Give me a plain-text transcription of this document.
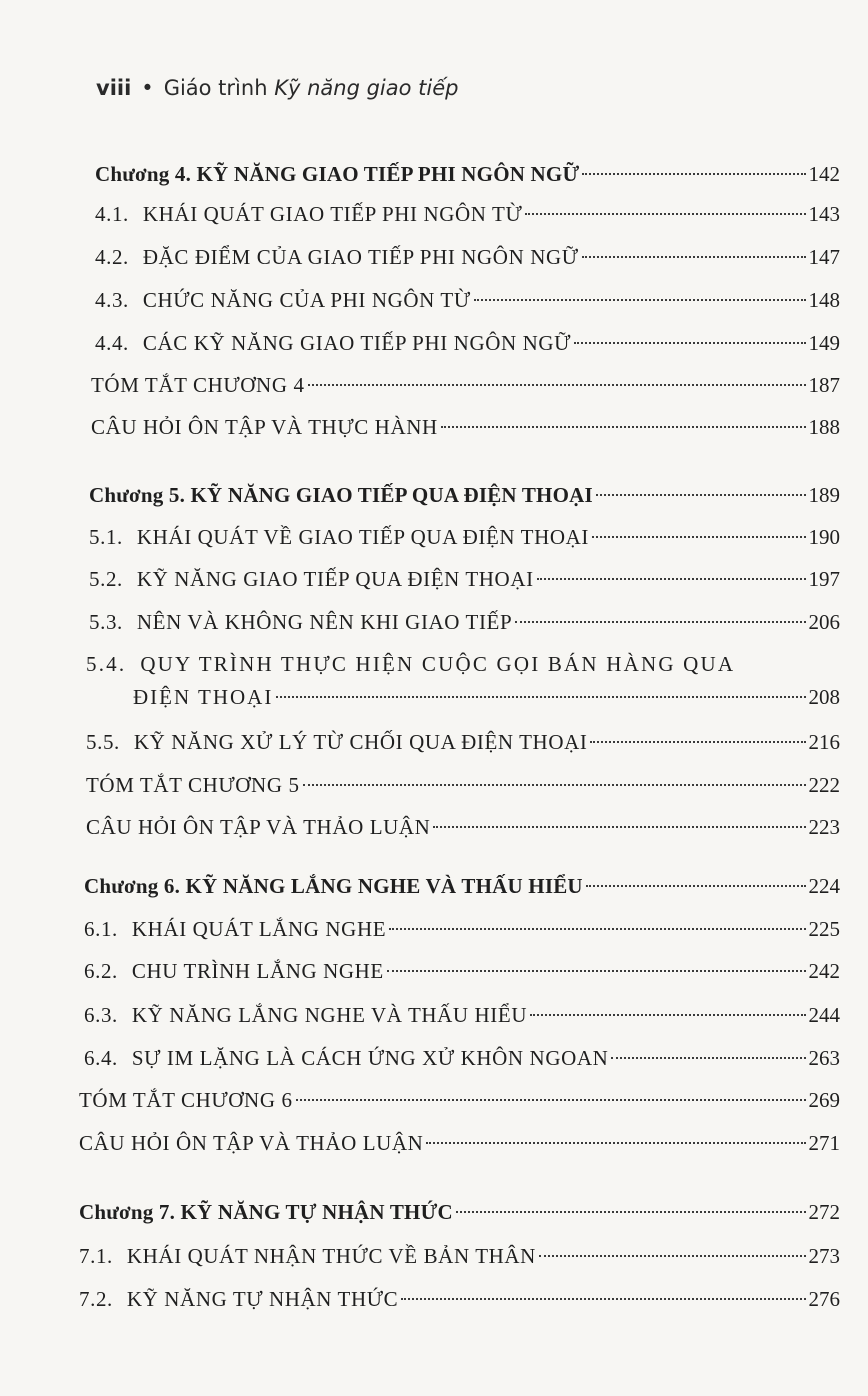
viii • Giáo trình Kỹ năng giao tiếp
Chương 4. KỸ NĂNG GIAO TIẾP PHI NGÔN NGỮ	142
4.1. KHÁI QUÁT GIAO TIẾP PHI NGÔN TỪ	143
4.2. ĐẶC ĐIỂM CỦA GIAO TIẾP PHI NGÔN NGỮ	147
4.3. CHỨC NĂNG CỦA PHI NGÔN TỪ	148
4.4. CÁC KỸ NĂNG GIAO TIẾP PHI NGÔN NGỮ	149
TÓM TẮT CHƯƠNG 4	187
CÂU HỎI ÔN TẬP VÀ THỰC HÀNH	188
Chương 5. KỸ NĂNG GIAO TIẾP QUA ĐIỆN THOẠI	189
5.1. KHÁI QUÁT VỀ GIAO TIẾP QUA ĐIỆN THOẠI	190
5.2. KỸ NĂNG GIAO TIẾP QUA ĐIỆN THOẠI	197
5.3. NÊN VÀ KHÔNG NÊN KHI GIAO TIẾP	206
5.4. QUY TRÌNH THỰC HIỆN CUỘC GỌI BÁN HÀNG QUA
ĐIỆN THOẠI	208
5.5. KỸ NĂNG XỬ LÝ TỪ CHỐI QUA ĐIỆN THOẠI	216
TÓM TẮT CHƯƠNG 5	222
CÂU HỎI ÔN TẬP VÀ THẢO LUẬN	223
Chương 6. KỸ NĂNG LẮNG NGHE VÀ THẤU HIỂU	224
6.1. KHÁI QUÁT LẮNG NGHE	225
6.2. CHU TRÌNH LẮNG NGHE	242
6.3. KỸ NĂNG LẮNG NGHE VÀ THẤU HIỂU	244
6.4. SỰ IM LẶNG LÀ CÁCH ỨNG XỬ KHÔN NGOAN	263
TÓM TẮT CHƯƠNG 6	269
CÂU HỎI ÔN TẬP VÀ THẢO LUẬN	271
Chương 7. KỸ NĂNG TỰ NHẬN THỨC	272
7.1. KHÁI QUÁT NHẬN THỨC VỀ BẢN THÂN	273
7.2. KỸ NĂNG TỰ NHẬN THỨC	276
